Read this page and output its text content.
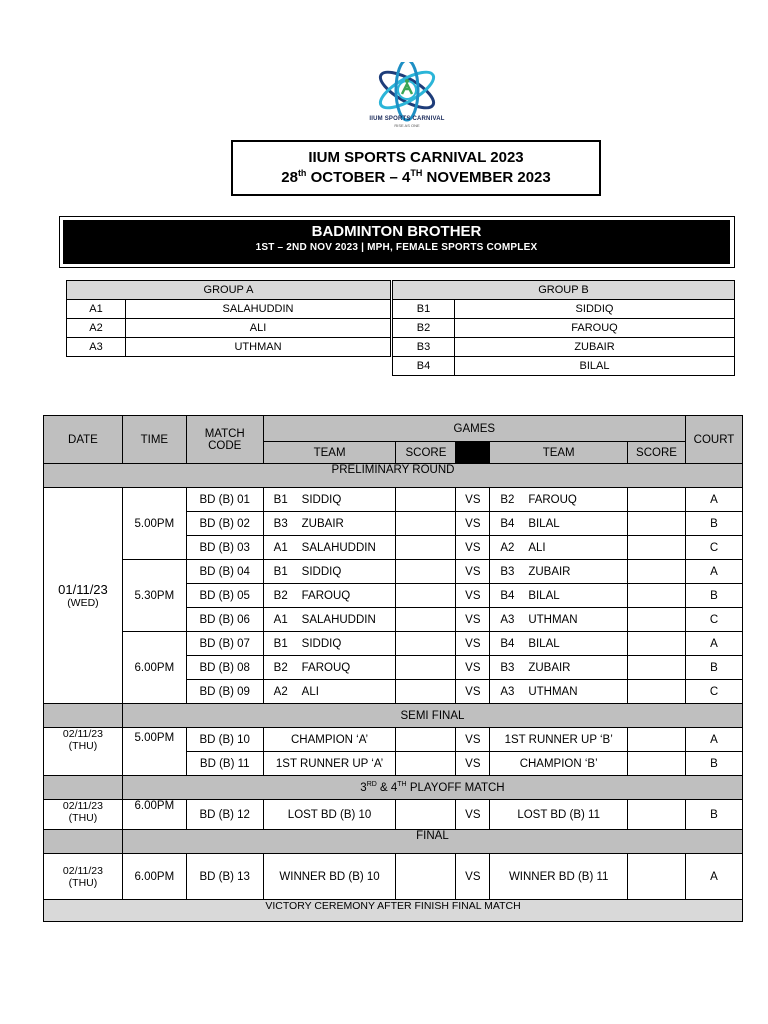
IIUM SPORTS CARNIVAL
RISE AS ONE
IIUM SPORTS CARNIVAL 2023
28th OCTOBER – 4TH NOVEMBER 2023
BADMINTON BROTHER
1ST – 2ND NOV 2023 | MPH, FEMALE SPORTS COMPLEX
GROUP A	
A1	SALAHUDDIN
A2	ALI
A3	UTHMAN
GROUP B	
B1	SIDDIQ
B2	FAROUQ
B3	ZUBAIR
B4	BILAL
DATE	TIME	MATCH CODE	GAMES					COURT
			TEAM	SCORE		TEAM	SCORE	
PRELIMINARY ROUND								

01/11/23
(WED)	5.00PM	BD (B) 01	B1 SIDDIQ		VS	B2 FAROUQ		A
		BD (B) 02	B3 ZUBAIR		VS	B4 BILAL		B
		BD (B) 03	A1 SALAHUDDIN		VS	A2 ALI		C
	5.30PM	BD (B) 04	B1 SIDDIQ		VS	B3 ZUBAIR		A
		BD (B) 05	B2 FAROUQ		VS	B4 BILAL		B
		BD (B) 06	A1 SALAHUDDIN		VS	A3 UTHMAN		C
	6.00PM	BD (B) 07	B1 SIDDIQ		VS	B4 BILAL		A
		BD (B) 08	B2 FAROUQ		VS	B3 ZUBAIR		B
		BD (B) 09	A2 ALI		VS	A3 UTHMAN		C
	SEMI FINAL							

02/11/23
(THU)	5.00PM	BD (B) 10	CHAMPION ‘A’		VS	1ST RUNNER UP ‘B’		A
		BD (B) 11	1ST RUNNER UP ‘A’		VS	CHAMPION ‘B’		B
	3RD & 4TH PLAYOFF MATCH							

02/11/23
(THU)	6.00PM	BD (B) 12	LOST BD (B) 10		VS	LOST BD (B) 11		B
	FINAL							

02/11/23
(THU)	6.00PM	BD (B) 13	WINNER BD (B) 10		VS	WINNER BD (B) 11		A
VICTORY CEREMONY AFTER FINISH FINAL MATCH								
